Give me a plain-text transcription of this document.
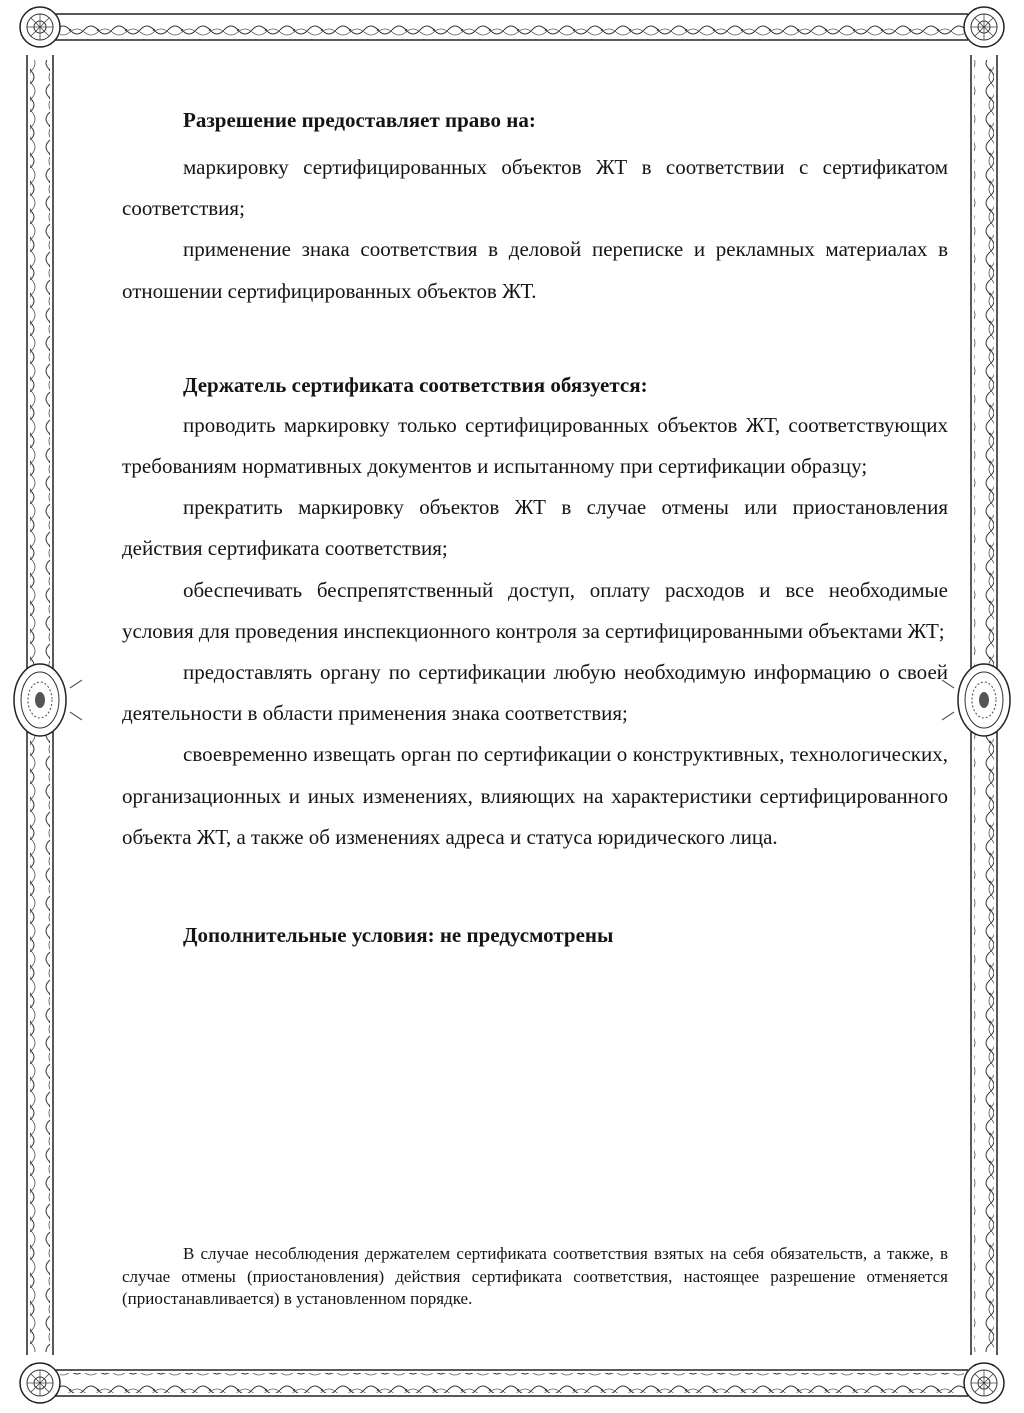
Разрешение предоставляет право на:

маркировку сертифицированных объектов ЖТ в соответствии с сертификатом соответствия;

применение знака соответствия в деловой переписке и рекламных материалах в отношении сертифицированных объектов ЖТ.

Держатель сертификата соответствия обязуется:

проводить маркировку только сертифицированных объектов ЖТ, соответствующих требованиям нормативных документов и испытанному при сертификации образцу;

прекратить маркировку объектов ЖТ в случае отмены или приостановления действия сертификата соответствия;

обеспечивать беспрепятственный доступ, оплату расходов и все необходимые условия для проведения инспекционного контроля за сертифицированными объектами ЖТ;

предоставлять органу по сертификации любую необходимую информацию о своей деятельности в области применения знака соответствия;

своевременно извещать орган по сертификации о конструктивных, технологических, организационных и иных изменениях, влияющих на характеристики сертифицированного объекта ЖТ, а также об изменениях адреса и статуса юридического лица.

Дополнительные условия: не предусмотрены

В случае несоблюдения держателем сертификата соответствия взятых на себя обязательств, а также, в случае отмены (приостановления) действия сертификата соответствия, настоящее разрешение отменяется (приостанавливается) в установленном порядке.
